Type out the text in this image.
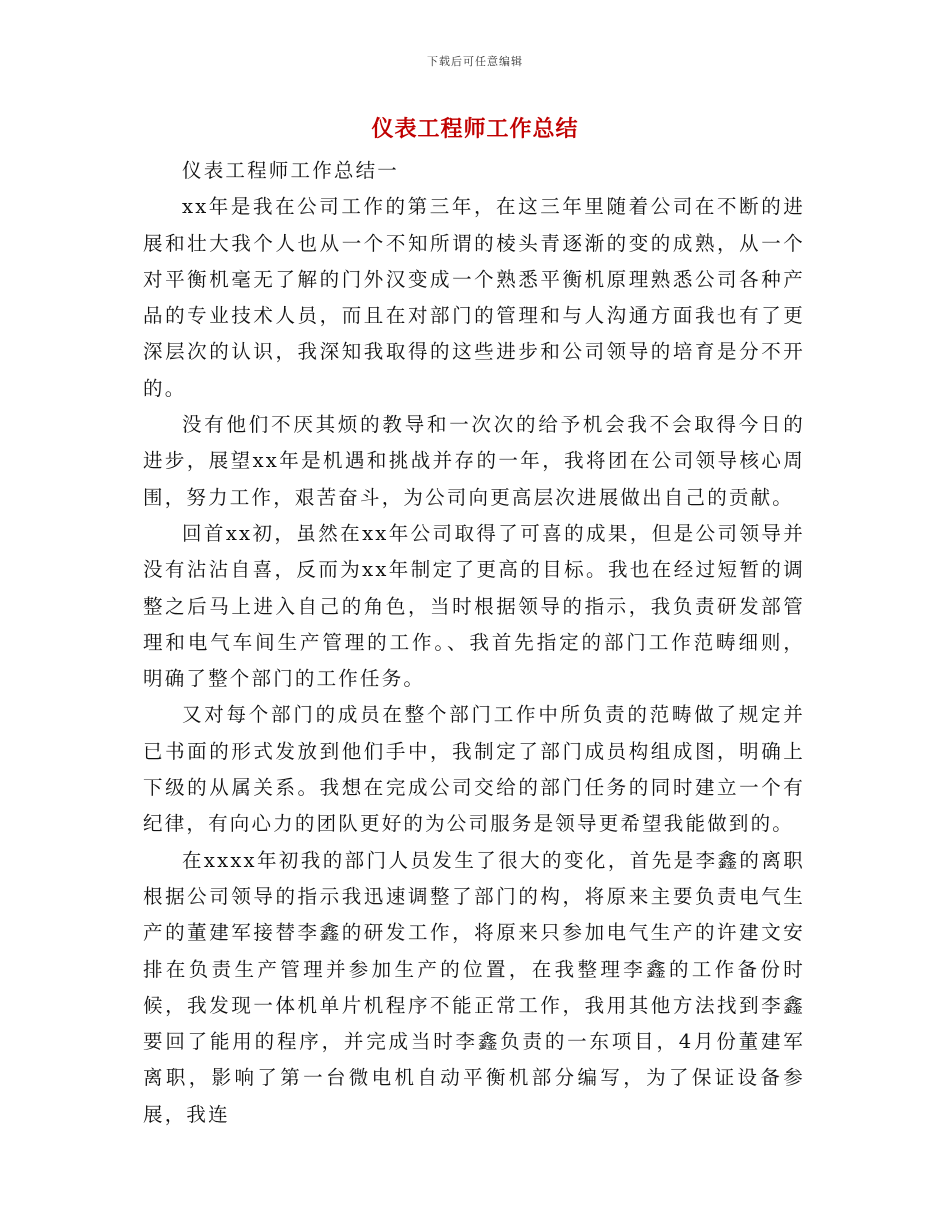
下载后可任意编辑
仪表工程师工作总结

仪表工程师工作总结一

xx年是我在公司工作的第三年，在这三年里随着公司在不断的进展和壮大我个人也从一个不知所谓的棱头青逐渐的变的成熟，从一个对平衡机毫无了解的门外汉变成一个熟悉平衡机原理熟悉公司各种产品的专业技术人员，而且在对部门的管理和与人沟通方面我也有了更深层次的认识，我深知我取得的这些进步和公司领导的培育是分不开的。

没有他们不厌其烦的教导和一次次的给予机会我不会取得今日的进步，展望xx年是机遇和挑战并存的一年，我将团在公司领导核心周围，努力工作，艰苦奋斗，为公司向更高层次进展做出自己的贡献。

回首xx初，虽然在xx年公司取得了可喜的成果，但是公司领导并没有沾沾自喜，反而为xx年制定了更高的目标。我也在经过短暂的调整之后马上进入自己的角色，当时根据领导的指示，我负责研发部管理和电气车间生产管理的工作。、我首先指定的部门工作范畴细则，明确了整个部门的工作任务。

又对每个部门的成员在整个部门工作中所负责的范畴做了规定并已书面的形式发放到他们手中，我制定了部门成员构组成图，明确上下级的从属关系。我想在完成公司交给的部门任务的同时建立一个有纪律，有向心力的团队更好的为公司服务是领导更希望我能做到的。

在xxxx年初我的部门人员发生了很大的变化，首先是李鑫的离职根据公司领导的指示我迅速调整了部门的构，将原来主要负责电气生产的董建军接替李鑫的研发工作，将原来只参加电气生产的许建文安排在负责生产管理并参加生产的位置，在我整理李鑫的工作备份时候，我发现一体机单片机程序不能正常工作，我用其他方法找到李鑫要回了能用的程序，并完成当时李鑫负责的一东项目，4月份董建军离职，影响了第一台微电机自动平衡机部分编写，为了保证设备参展，我连
